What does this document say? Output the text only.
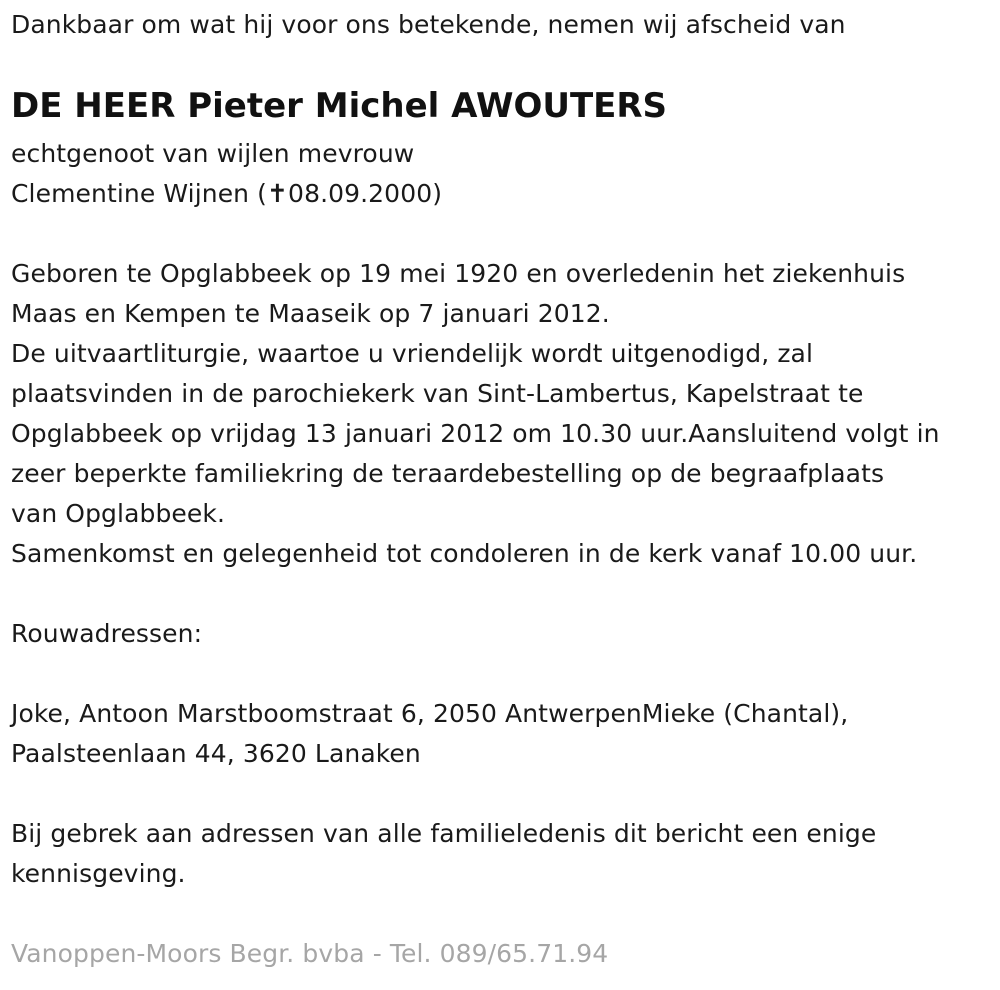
Dankbaar om wat hij voor ons betekende, nemen wij afscheid van
DE HEER Pieter Michel AWOUTERS
echtgenoot van wijlen mevrouw
Clementine Wijnen (✝08.09.2000)
Geboren te Opglabbeek op 19 mei 1920 en overledenin het ziekenhuis
Maas en Kempen te Maaseik op 7 januari 2012.
De uitvaartliturgie, waartoe u vriendelijk wordt uitgenodigd, zal
plaatsvinden in de parochiekerk van Sint-Lambertus, Kapelstraat te
Opglabbeek op vrijdag 13 januari 2012 om 10.30 uur.Aansluitend volgt in
zeer beperkte familiekring de teraardebestelling op de begraafplaats
van Opglabbeek.
Samenkomst en gelegenheid tot condoleren in de kerk vanaf 10.00 uur.
Rouwadressen:
Joke, Antoon Marstboomstraat 6, 2050 AntwerpenMieke (Chantal),
Paalsteenlaan 44, 3620 Lanaken
Bij gebrek aan adressen van alle familieledenis dit bericht een enige
kennisgeving.
Vanoppen-Moors Begr. bvba - Tel. 089/65.71.94
